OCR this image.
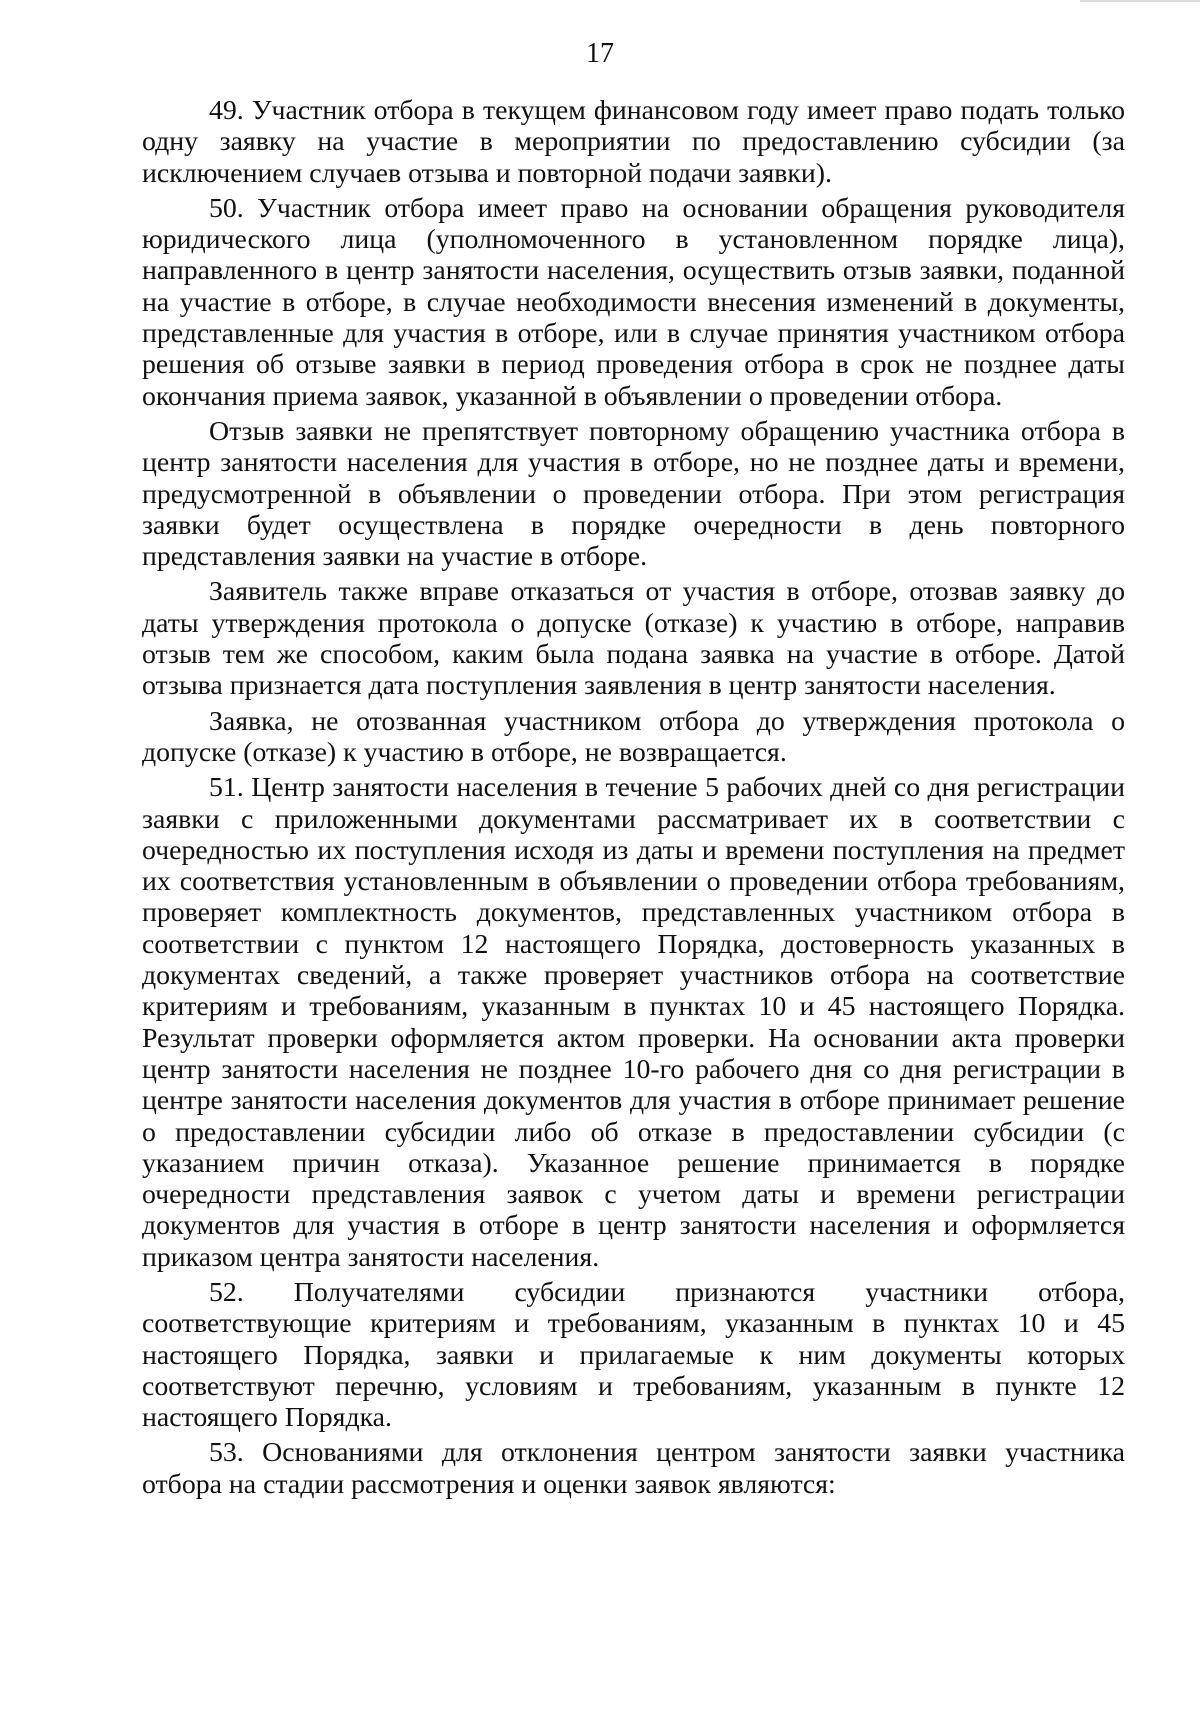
17

49. Участник отбора в текущем финансовом году имеет право подать только одну заявку на участие в мероприятии по предоставлению субсидии (за исключением случаев отзыва и повторной подачи заявки).

50. Участник отбора имеет право на основании обращения руководителя юридического лица (уполномоченного в установленном порядке лица), направленного в центр занятости населения, осуществить отзыв заявки, поданной на участие в отборе, в случае необходимости внесения изменений в документы, представленные для участия в отборе, или в случае принятия участником отбора решения об отзыве заявки в период проведения отбора в срок не позднее даты окончания приема заявок, указанной в объявлении о проведении отбора.

Отзыв заявки не препятствует повторному обращению участника отбора в центр занятости населения для участия в отборе, но не позднее даты и времени, предусмотренной в объявлении о проведении отбора. При этом регистрация заявки будет осуществлена в порядке очередности в день повторного представления заявки на участие в отборе.

Заявитель также вправе отказаться от участия в отборе, отозвав заявку до даты утверждения протокола о допуске (отказе) к участию в отборе, направив отзыв тем же способом, каким была подана заявка на участие в отборе. Датой отзыва признается дата поступления заявления в центр занятости населения.

Заявка, не отозванная участником отбора до утверждения протокола о допуске (отказе) к участию в отборе, не возвращается.

51. Центр занятости населения в течение 5 рабочих дней со дня регистрации заявки с приложенными документами рассматривает их в соответствии с очередностью их поступления исходя из даты и времени поступления на предмет их соответствия установленным в объявлении о проведении отбора требованиям, проверяет комплектность документов, представленных участником отбора в соответствии с пунктом 12 настоящего Порядка, достоверность указанных в документах сведений, а также проверяет участников отбора на соответствие критериям и требованиям, указанным в пунктах 10 и 45 настоящего Порядка. Результат проверки оформляется актом проверки. На основании акта проверки центр занятости населения не позднее 10-го рабочего дня со дня регистрации в центре занятости населения документов для участия в отборе принимает решение о предоставлении субсидии либо об отказе в предоставлении субсидии (с указанием причин отказа). Указанное решение принимается в порядке очередности представления заявок с учетом даты и времени регистрации документов для участия в отборе в центр занятости населения и оформляется приказом центра занятости населения.

52. Получателями субсидии признаются участники отбора, соответствующие критериям и требованиям, указанным в пунктах 10 и 45 настоящего Порядка, заявки и прилагаемые к ним документы которых соответствуют перечню, условиям и требованиям, указанным в пункте 12 настоящего Порядка.

53. Основаниями для отклонения центром занятости заявки участника отбора на стадии рассмотрения и оценки заявок являются:
